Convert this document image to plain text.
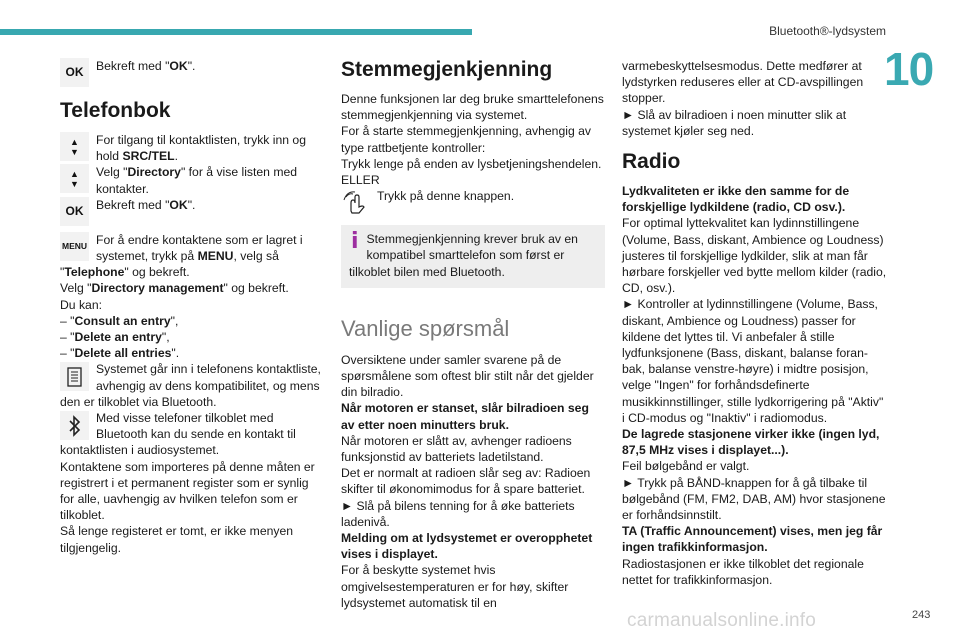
Bluetooth®-lydsystem
10
OK	Bekreft med "OK".

Telefonbok
▲
▼

For tilgang til kontaktlisten, trykk inn og hold SRC/TEL.

▲
▼

Velg "Directory" for å vise listen med kontakter.

OK	Bekreft med "OK".

MENU For å endre kontaktene som er lagret i systemet, trykk på MENU, velg så

"Telephone" og bekreft.

Velg "Directory management" og bekreft.

Du kan:

– "Consult an entry",

– "Delete an entry",

– "Delete all entries".

Systemet går inn i telefonens kontaktliste, avhengig av dens kompatibilitet, og mens den er tilkoblet via Bluetooth.

Med visse telefoner tilkoblet med Bluetooth kan du sende en kontakt til kontaktlisten i audiosystemet.

Kontaktene som importeres på denne måten er registrert i et permanent register som er synlig for alle, uavhengig av hvilken telefon som er tilkoblet.

Så lenge registeret er tomt, er ikke menyen tilgjengelig.

Stemmegjenkjenning

Denne funksjonen lar deg bruke smarttelefonens stemmegjenkjenning via systemet.

For å starte stemmegjenkjenning, avhengig av type rattbetjente kontroller:

Trykk lenge på enden av lysbetjeningshendelen.

ELLER

Trykk på denne knappen.

i Stemmegjenkjenning krever bruk av en kompatibel smarttelefon som først er tilkoblet bilen med Bluetooth.

Vanlige spørsmål

Oversiktene under samler svarene på de spørsmålene som oftest blir stilt når det gjelder din bilradio.

Når motoren er stanset, slår bilradioen seg av etter noen minutters bruk.

Når motoren er slått av, avhenger radioens funksjonstid av batteriets ladetilstand.

Det er normalt at radioen slår seg av: Radioen skifter til økonomimodus for å spare batteriet.

► Slå på bilens tenning for å øke batteriets ladenivå.

Melding om at lydsystemet er overopphetet vises i displayet.

For å beskytte systemet hvis omgivelsestemperaturen er for høy, skifter lydsystemet automatisk til en

varmebeskyttelsesmodus. Dette medfører at lydstyrken reduseres eller at CD-avspillingen stopper.

► Slå av bilradioen i noen minutter slik at systemet kjøler seg ned.

Radio

Lydkvaliteten er ikke den samme for de forskjellige lydkildene (radio, CD osv.).

For optimal lyttekvalitet kan lydinnstillingene (Volume, Bass, diskant, Ambience og Loudness) justeres til forskjellige lydkilder, slik at man får hørbare forskjeller ved bytte mellom kilder (radio, CD, osv.).

► Kontroller at lydinnstillingene (Volume, Bass, diskant, Ambience og Loudness) passer for kildene det lyttes til. Vi anbefaler å stille lydfunksjonene (Bass, diskant, balanse foran-bak, balanse venstre-høyre) i midtre posisjon, velge "Ingen" for forhåndsdefinerte musikkinnstillinger, stille lydkorrigering på "Aktiv" i CD-modus og "Inaktiv" i radiomodus.

De lagrede stasjonene virker ikke (ingen lyd, 87,5 MHz vises i displayet...).

Feil bølgebånd er valgt.

► Trykk på BÅND-knappen for å gå tilbake til bølgebånd (FM, FM2, DAB, AM) hvor stasjonene er forhåndsinnstilt.

TA (Traffic Announcement) vises, men jeg får ingen trafikkinformasjon.

Radiostasjonen er ikke tilkoblet det regionale nettet for trafikkinformasjon.

carmanualsonline.info	243
